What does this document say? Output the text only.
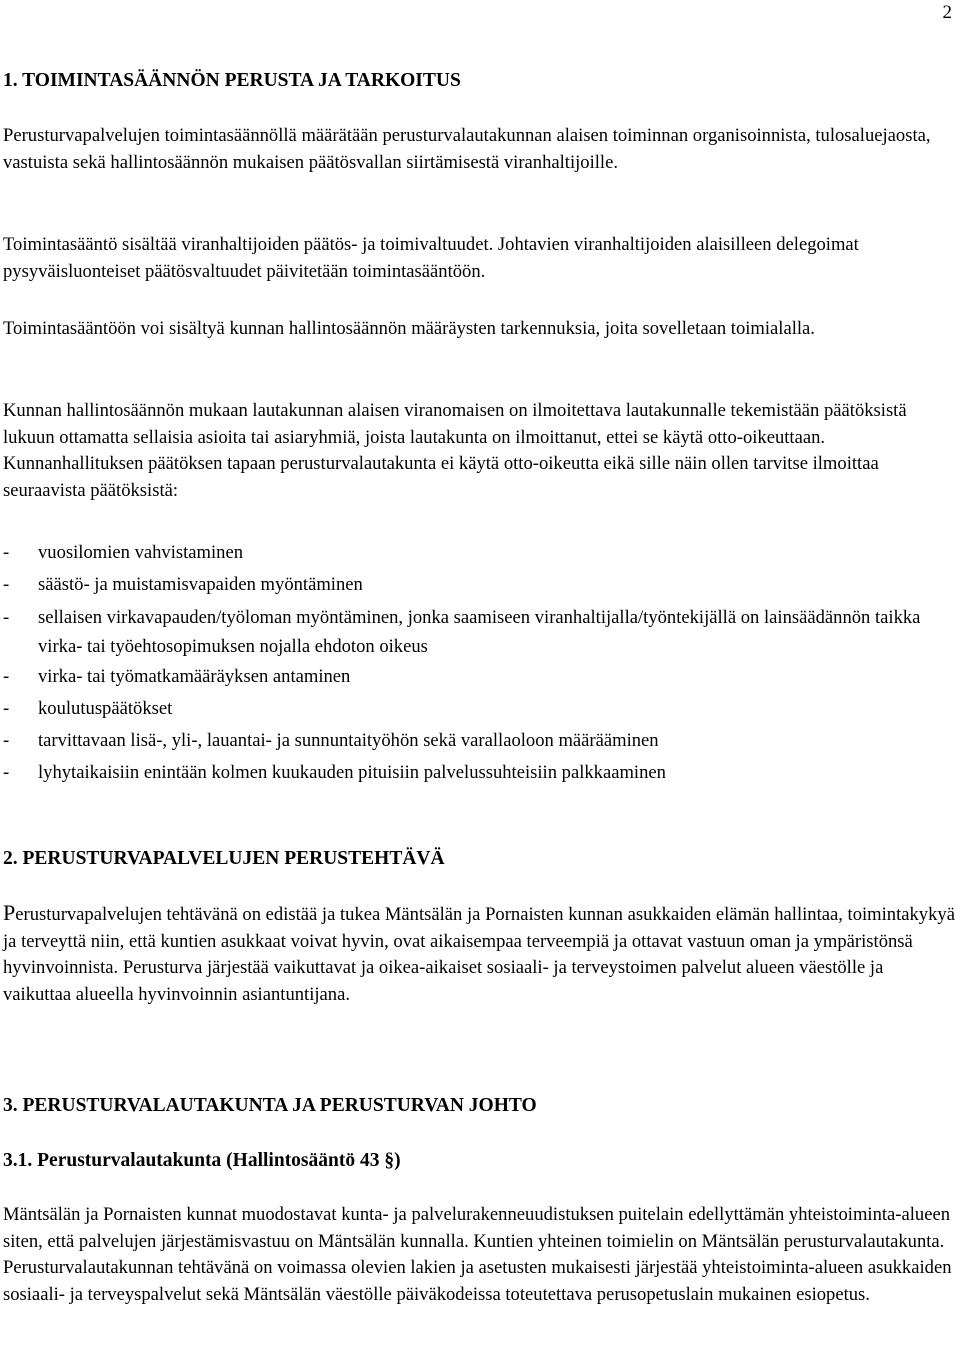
2
1. TOIMINTASÄÄNNÖN PERUSTA JA TARKOITUS

Perusturvapalvelujen toimintasäännöllä määrätään perusturvalautakunnan alaisen toiminnan organisoinnista, tulosaluejaosta, vastuista sekä hallintosäännön mukaisen päätösvallan siirtämisestä viranhaltijoille.

Toimintasääntö sisältää viranhaltijoiden päätös- ja toimivaltuudet. Johtavien viranhaltijoiden alaisilleen delegoimat pysyväisluonteiset päätösvaltuudet päivitetään toimintasääntöön.

Toimintasääntöön voi sisältyä kunnan hallintosäännön määräysten tarkennuksia, joita sovelletaan toimialalla.

Kunnan hallintosäännön mukaan lautakunnan alaisen viranomaisen on ilmoitettava lautakunnalle tekemistään päätöksistä lukuun ottamatta sellaisia asioita tai asiaryhmiä, joista lautakunta on ilmoittanut, ettei se käytä otto-oikeuttaan. Kunnanhallituksen päätöksen tapaan perusturvalautakunta ei käytä otto-oikeutta eikä sille näin ollen tarvitse ilmoittaa seuraavista päätöksistä:

- vuosilomien vahvistaminen
- säästö- ja muistamisvapaiden myöntäminen
- sellaisen virkavapauden/työloman myöntäminen, jonka saamiseen viranhaltijalla/työntekijällä on lainsäädännön taikka virka- tai työehtosopimuksen nojalla ehdoton oikeus
- virka- tai työmatkamääräyksen antaminen
- koulutuspäätökset
- tarvittavaan lisä-, yli-, lauantai- ja sunnuntaityöhön sekä varallaoloon määrääminen
- lyhytaikaisiin enintään kolmen kuukauden pituisiin palvelussuhteisiin palkkaaminen
2. PERUSTURVAPALVELUJEN PERUSTEHTÄVÄ

Perusturvapalvelujen tehtävänä on edistää ja tukea Mäntsälän ja Pornaisten kunnan asukkaiden elämän hallintaa, toimintakykyä ja terveyttä niin, että kuntien asukkaat voivat hyvin, ovat aikaisempaa terveempiä ja ottavat vastuun oman ja ympäristönsä hyvinvoinnista. Perusturva järjestää vaikuttavat ja oikea-aikaiset sosiaali- ja terveystoimen palvelut alueen väestölle ja vaikuttaa alueella hyvinvoinnin asiantuntijana.

3. PERUSTURVALAUTAKUNTA JA PERUSTURVAN JOHTO
3.1. Perusturvalautakunta (Hallintosääntö 43 §)

Mäntsälän ja Pornaisten kunnat muodostavat kunta- ja palvelurakenneuudistuksen puitelain edellyttämän yhteistoiminta-alueen siten, että palvelujen järjestämisvastuu on Mäntsälän kunnalla. Kuntien yhteinen toimielin on Mäntsälän perusturvalautakunta. Perusturvalautakunnan tehtävänä on voimassa olevien lakien ja asetusten mukaisesti järjestää yhteistoiminta-alueen asukkaiden sosiaali- ja terveyspalvelut sekä Mäntsälän väestölle päiväkodeissa toteutettava perusopetuslain mukainen esiopetus.
